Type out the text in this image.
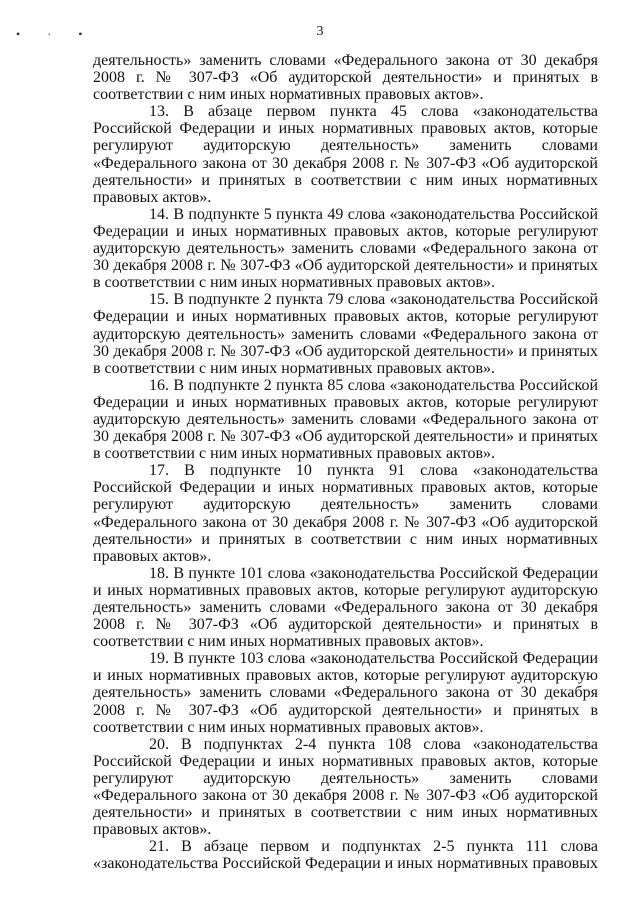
• · •	3

деятельность» заменить словами «Федерального закона от 30 декабря 2008 г. № 307-ФЗ «Об аудиторской деятельности» и принятых в соответствии с ним иных нормативных правовых актов».

13. В абзаце первом пункта 45 слова «законодательства Российской Федерации и иных нормативных правовых актов, которые регулируют аудиторскую деятельность» заменить словами «Федерального закона от 30 декабря 2008 г. № 307-ФЗ «Об аудиторской деятельности» и принятых в соответствии с ним иных нормативных правовых актов».

14. В подпункте 5 пункта 49 слова «законодательства Российской Федерации и иных нормативных правовых актов, которые регулируют аудиторскую деятельность» заменить словами «Федерального закона от 30 декабря 2008 г. № 307-ФЗ «Об аудиторской деятельности» и принятых в соответствии с ним иных нормативных правовых актов».

15. В подпункте 2 пункта 79 слова «законодательства Российской Федерации и иных нормативных правовых актов, которые регулируют аудиторскую деятельность» заменить словами «Федерального закона от 30 декабря 2008 г. № 307-ФЗ «Об аудиторской деятельности» и принятых в соответствии с ним иных нормативных правовых актов».

16. В подпункте 2 пункта 85 слова «законодательства Российской Федерации и иных нормативных правовых актов, которые регулируют аудиторскую деятельность» заменить словами «Федерального закона от 30 декабря 2008 г. № 307-ФЗ «Об аудиторской деятельности» и принятых в соответствии с ним иных нормативных правовых актов».

17. В подпункте 10 пункта 91 слова «законодательства Российской Федерации и иных нормативных правовых актов, которые регулируют аудиторскую деятельность» заменить словами «Федерального закона от 30 декабря 2008 г. № 307-ФЗ «Об аудиторской деятельности» и принятых в соответствии с ним иных нормативных правовых актов».

18. В пункте 101 слова «законодательства Российской Федерации и иных нормативных правовых актов, которые регулируют аудиторскую деятельность» заменить словами «Федерального закона от 30 декабря 2008 г. № 307-ФЗ «Об аудиторской деятельности» и принятых в соответствии с ним иных нормативных правовых актов».

19. В пункте 103 слова «законодательства Российской Федерации и иных нормативных правовых актов, которые регулируют аудиторскую деятельность» заменить словами «Федерального закона от 30 декабря 2008 г. № 307-ФЗ «Об аудиторской деятельности» и принятых в соответствии с ним иных нормативных правовых актов».

20. В подпунктах 2-4 пункта 108 слова «законодательства Российской Федерации и иных нормативных правовых актов, которые регулируют аудиторскую деятельность» заменить словами «Федерального закона от 30 декабря 2008 г. № 307-ФЗ «Об аудиторской деятельности» и принятых в соответствии с ним иных нормативных правовых актов».

21. В абзаце первом и подпунктах 2-5 пункта 111 слова «законодательства Российской Федерации и иных нормативных правовых
